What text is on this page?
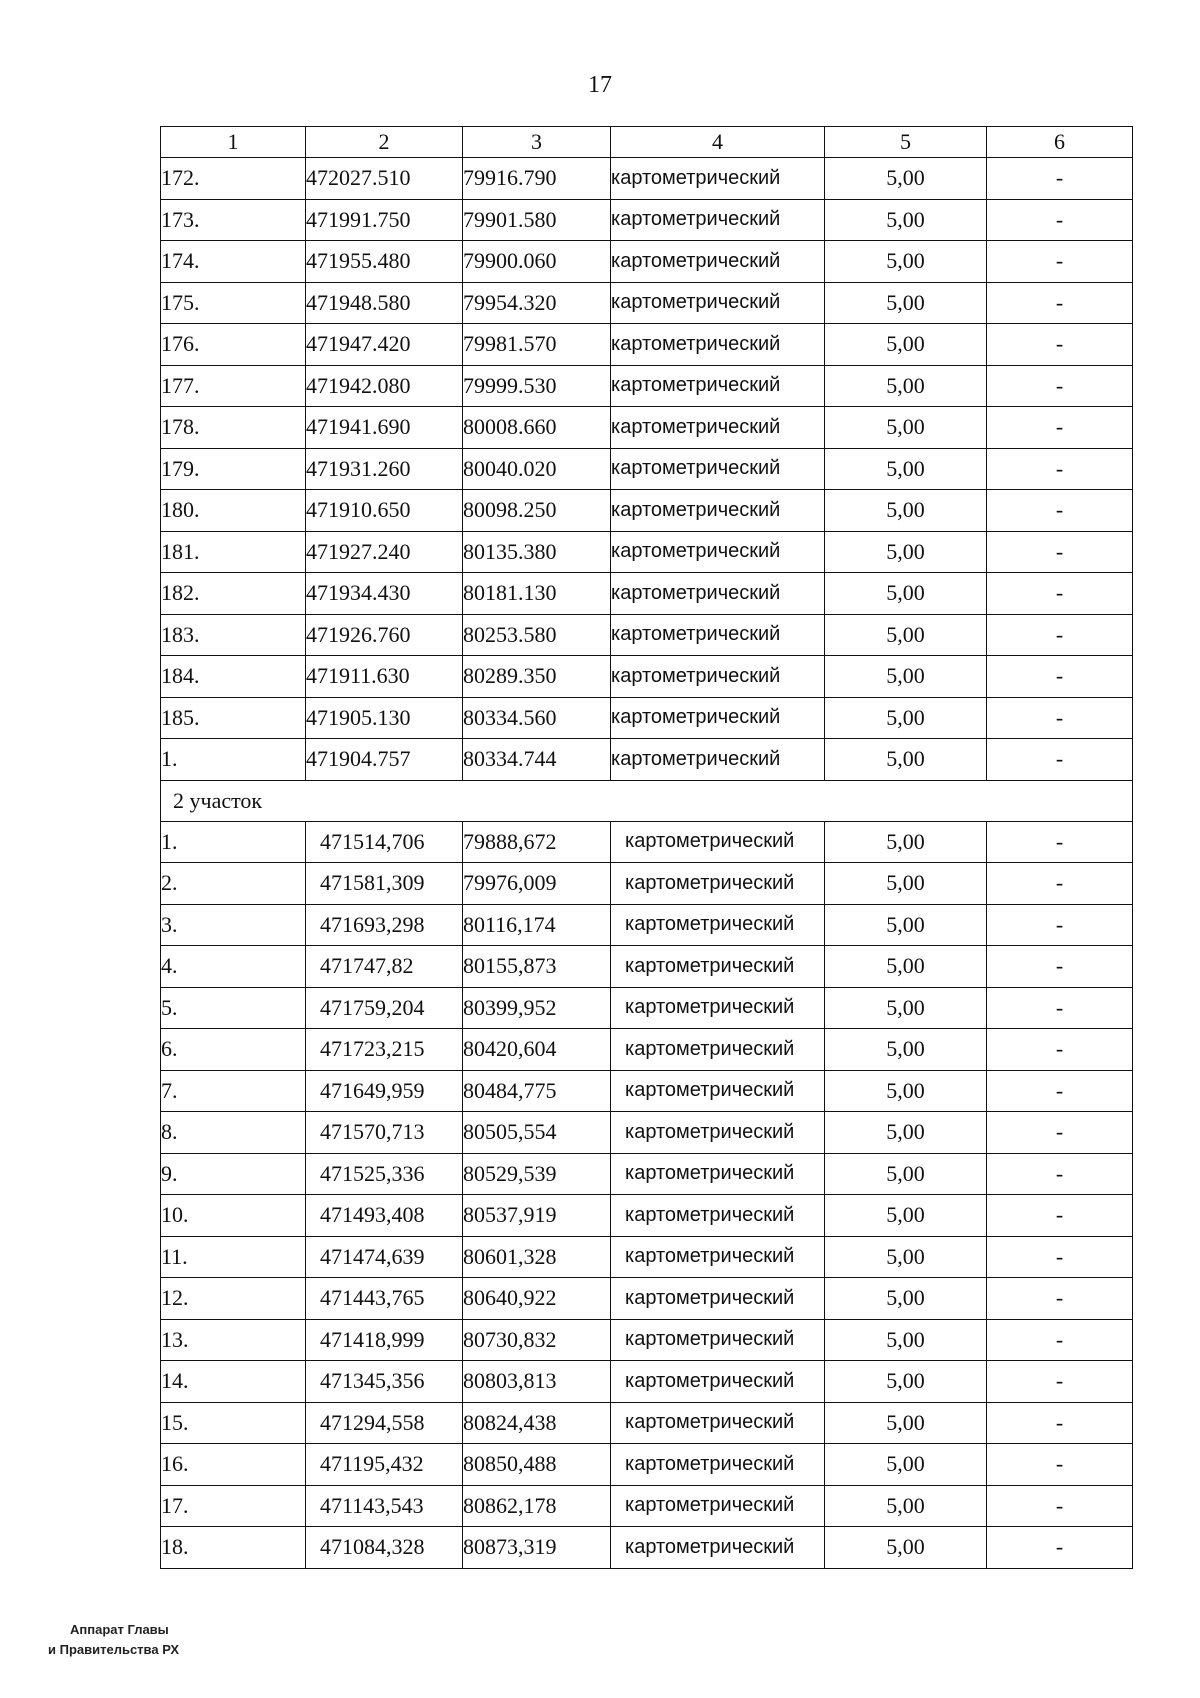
17
1	2	3	4	5	6
172.	472027.510	79916.790	картометрический	5,00	-
173.	471991.750	79901.580	картометрический	5,00	-
174.	471955.480	79900.060	картометрический	5,00	-
175.	471948.580	79954.320	картометрический	5,00	-
176.	471947.420	79981.570	картометрический	5,00	-
177.	471942.080	79999.530	картометрический	5,00	-
178.	471941.690	80008.660	картометрический	5,00	-
179.	471931.260	80040.020	картометрический	5,00	-
180.	471910.650	80098.250	картометрический	5,00	-
181.	471927.240	80135.380	картометрический	5,00	-
182.	471934.430	80181.130	картометрический	5,00	-
183.	471926.760	80253.580	картометрический	5,00	-
184.	471911.630	80289.350	картометрический	5,00	-
185.	471905.130	80334.560	картометрический	5,00	-
1.	471904.757	80334.744	картометрический	5,00	-
2 участок					
1.	471514,706	79888,672	картометрический	5,00	-
2.	471581,309	79976,009	картометрический	5,00	-
3.	471693,298	80116,174	картометрический	5,00	-
4.	471747,82	80155,873	картометрический	5,00	-
5.	471759,204	80399,952	картометрический	5,00	-
6.	471723,215	80420,604	картометрический	5,00	-
7.	471649,959	80484,775	картометрический	5,00	-
8.	471570,713	80505,554	картометрический	5,00	-
9.	471525,336	80529,539	картометрический	5,00	-
10.	471493,408	80537,919	картометрический	5,00	-
11.	471474,639	80601,328	картометрический	5,00	-
12.	471443,765	80640,922	картометрический	5,00	-
13.	471418,999	80730,832	картометрический	5,00	-
14.	471345,356	80803,813	картометрический	5,00	-
15.	471294,558	80824,438	картометрический	5,00	-
16.	471195,432	80850,488	картометрический	5,00	-
17.	471143,543	80862,178	картометрический	5,00	-
18.	471084,328	80873,319	картометрический	5,00	-
Аппарат Главы
и Правительства РХ
